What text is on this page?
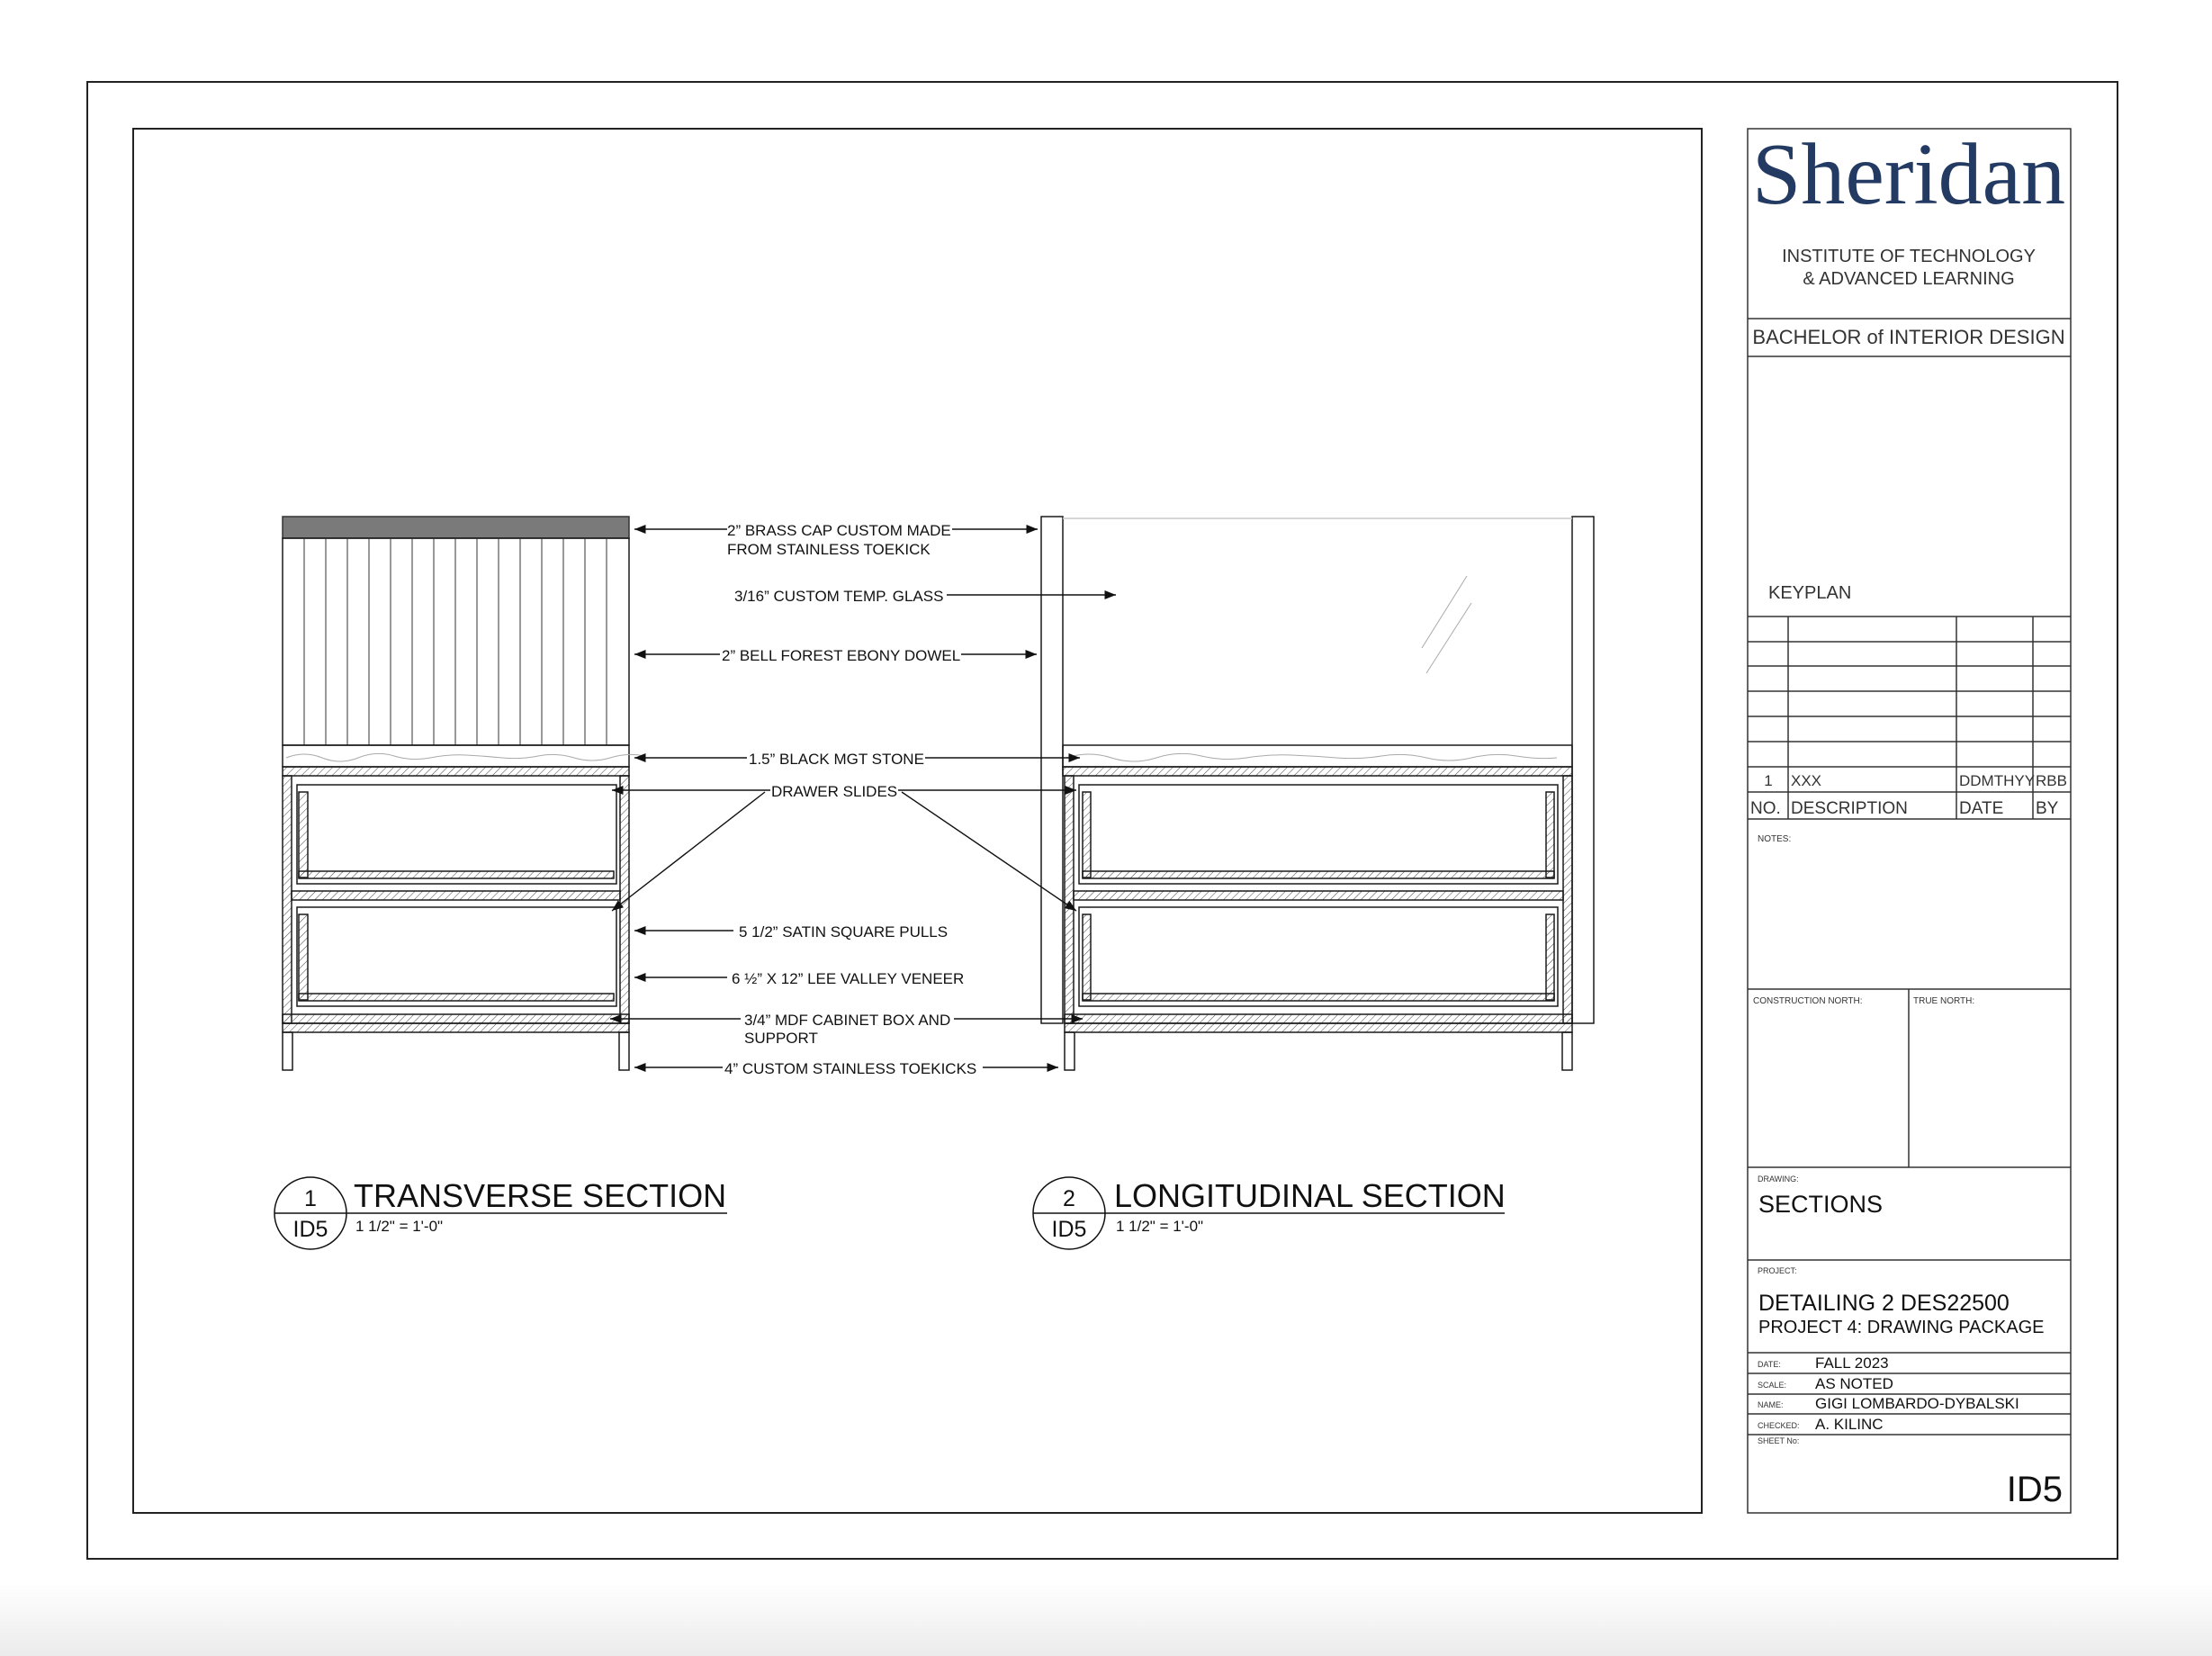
2” BRASS CAP CUSTOM MADE
FROM STAINLESS TOEKICK
3/16” CUSTOM TEMP. GLASS
2” BELL FOREST EBONY DOWEL
1.5” BLACK MGT STONE
DRAWER SLIDES
5 1/2” SATIN SQUARE PULLS
6 ½” X 12” LEE VALLEY VENEER
3/4” MDF CABINET BOX AND
SUPPORT
4” CUSTOM STAINLESS TOEKICKS
1
ID5
TRANSVERSE SECTION
1 1/2" = 1'-0"
2
ID5
LONGITUDINAL SECTION
1 1/2" = 1'-0"
Sheridan
INSTITUTE OF TECHNOLOGY
& ADVANCED LEARNING
BACHELOR of INTERIOR DESIGN
KEYPLAN
1 XXX	DDMTHYY RBB
NO. DESCRIPTION	DATE BY
NOTES:
CONSTRUCTION NORTH:	TRUE NORTH:
DRAWING:
SECTIONS
PROJECT:
DETAILING 2 DES22500
PROJECT 4: DRAWING PACKAGE
DATE: FALL 2023
SCALE: AS NOTED
NAME: GIGI LOMBARDO-DYBALSKI
CHECKED: A. KILINC
SHEET No:
ID5
